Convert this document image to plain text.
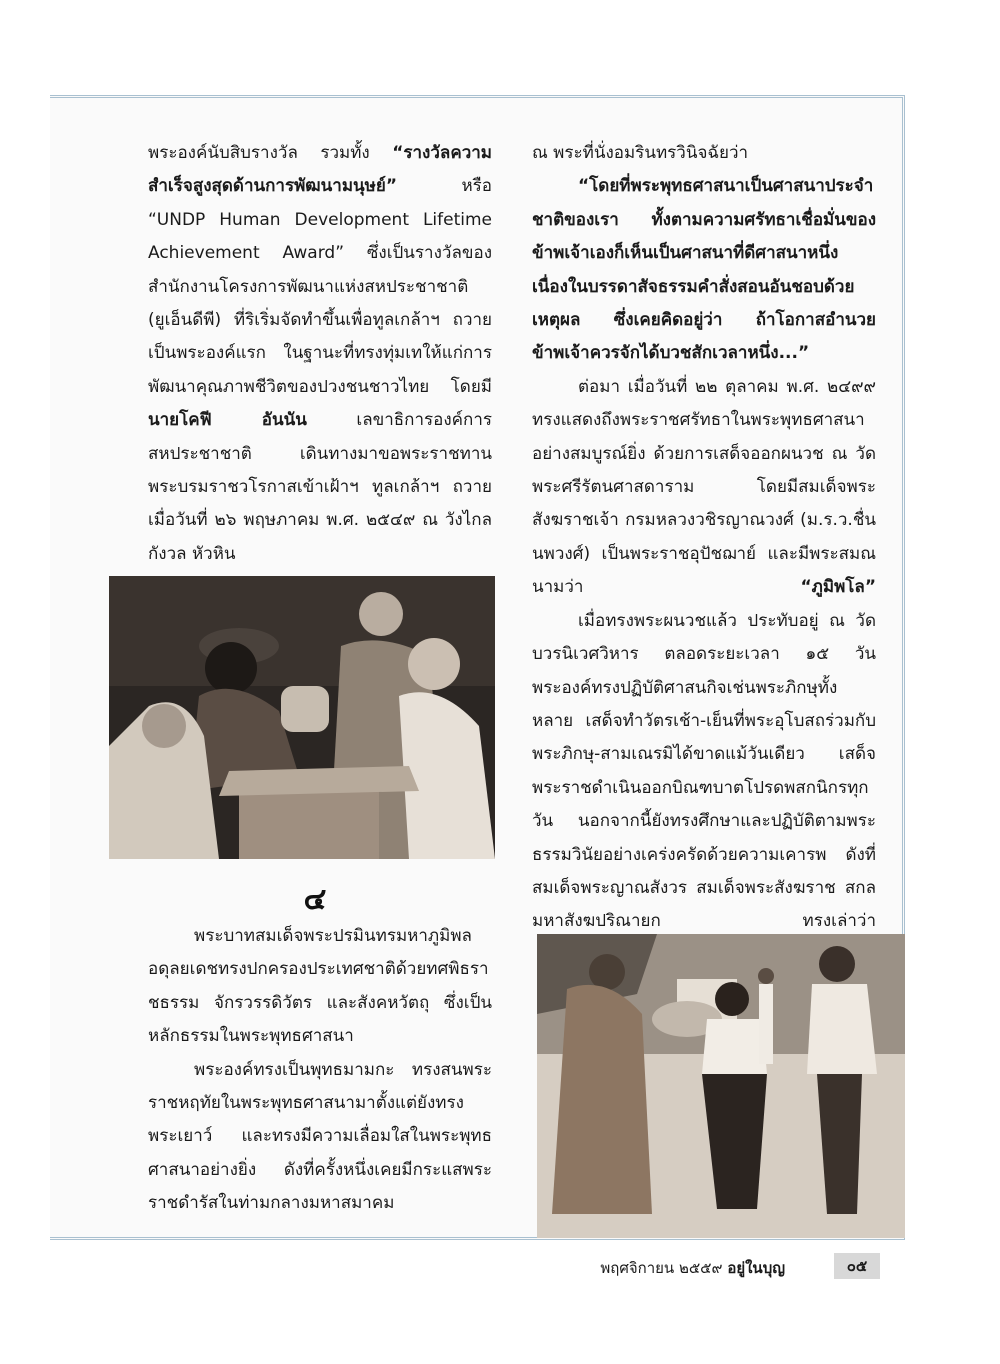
พระองค์นับสิบรางวัล รวมทั้ง “รางวัลความสำเร็จสูงสุดด้านการพัฒนามนุษย์” หรือ “UNDP Human Development Lifetime Achievement Award” ซึ่งเป็นรางวัลของสำนักงานโครงการพัฒนาแห่งสหประชาชาติ (ยูเอ็นดีพี) ที่ริเริ่มจัดทำขึ้นเพื่อทูลเกล้าฯ ถวายเป็นพระองค์แรก ในฐานะที่ทรงทุ่มเทให้แก่การพัฒนาคุณภาพชีวิตของปวงชนชาวไทย โดยมี นายโคฟี อันนัน เลขาธิการองค์การสหประชาชาติ เดินทางมาขอพระราชทานพระบรมราชวโรกาสเข้าเฝ้าฯ ทูลเกล้าฯ ถวาย เมื่อวันที่ ๒๖ พฤษภาคม พ.ศ. ๒๕๔๙ ณ วังไกลกังวล หัวหิน

๔

พระบาทสมเด็จพระปรมินทรมหาภูมิพลอดุลยเดชทรงปกครองประเทศชาติด้วยทศพิธราชธรรม จักรวรรดิวัตร และสังคหวัตถุ ซึ่งเป็นหลักธรรมในพระพุทธศาสนา

พระองค์ทรงเป็นพุทธมามกะ ทรงสนพระราชหฤทัยในพระพุทธศาสนามาตั้งแต่ยังทรงพระเยาว์ และทรงมีความเลื่อมใสในพระพุทธศาสนาอย่างยิ่ง ดังที่ครั้งหนึ่งเคยมีกระแสพระราชดำรัสในท่ามกลางมหาสมาคม

ณ พระที่นั่งอมรินทรวินิจฉัยว่า

“โดยที่พระพุทธศาสนาเป็นศาสนาประจำชาติของเรา ทั้งตามความศรัทธาเชื่อมั่นของข้าพเจ้าเองก็เห็นเป็นศาสนาที่ดีศาสนาหนึ่ง เนื่องในบรรดาสัจธรรมคำสั่งสอนอันชอบด้วยเหตุผล ซึ่งเคยคิดอยู่ว่า ถ้าโอกาสอำนวยข้าพเจ้าควรจักได้บวชสักเวลาหนึ่ง...”

ต่อมา เมื่อวันที่ ๒๒ ตุลาคม พ.ศ. ๒๔๙๙ ทรงแสดงถึงพระราชศรัทธาในพระพุทธศาสนาอย่างสมบูรณ์ยิ่ง ด้วยการเสด็จออกผนวช ณ วัดพระศรีรัตนศาสดาราม โดยมีสมเด็จพระสังฆราชเจ้า กรมหลวงวชิรญาณวงศ์ (ม.ร.ว.ชื่น นพวงศ์) เป็นพระราชอุปัชฌาย์ และมีพระสมณนามว่า “ภูมิพโล”

เมื่อทรงพระผนวชแล้ว ประทับอยู่ ณ วัดบวรนิเวศวิหาร ตลอดระยะเวลา ๑๕ วัน พระองค์ทรงปฏิบัติศาสนกิจเช่นพระภิกษุทั้งหลาย เสด็จทำวัตรเช้า-เย็นที่พระอุโบสถร่วมกับพระภิกษุ-สามเณรมิได้ขาดแม้วันเดียว เสด็จพระราชดำเนินออกบิณฑบาตโปรดพสกนิกรทุกวัน นอกจากนี้ยังทรงศึกษาและปฏิบัติตามพระธรรมวินัยอย่างเคร่งครัดด้วยความเคารพ ดังที่สมเด็จพระญาณสังวร สมเด็จพระสังฆราช สกลมหาสังฆปริณายก ทรงเล่าว่า

พฤศจิกายน ๒๕๕๙ อยู่ในบุญ	๐๕
